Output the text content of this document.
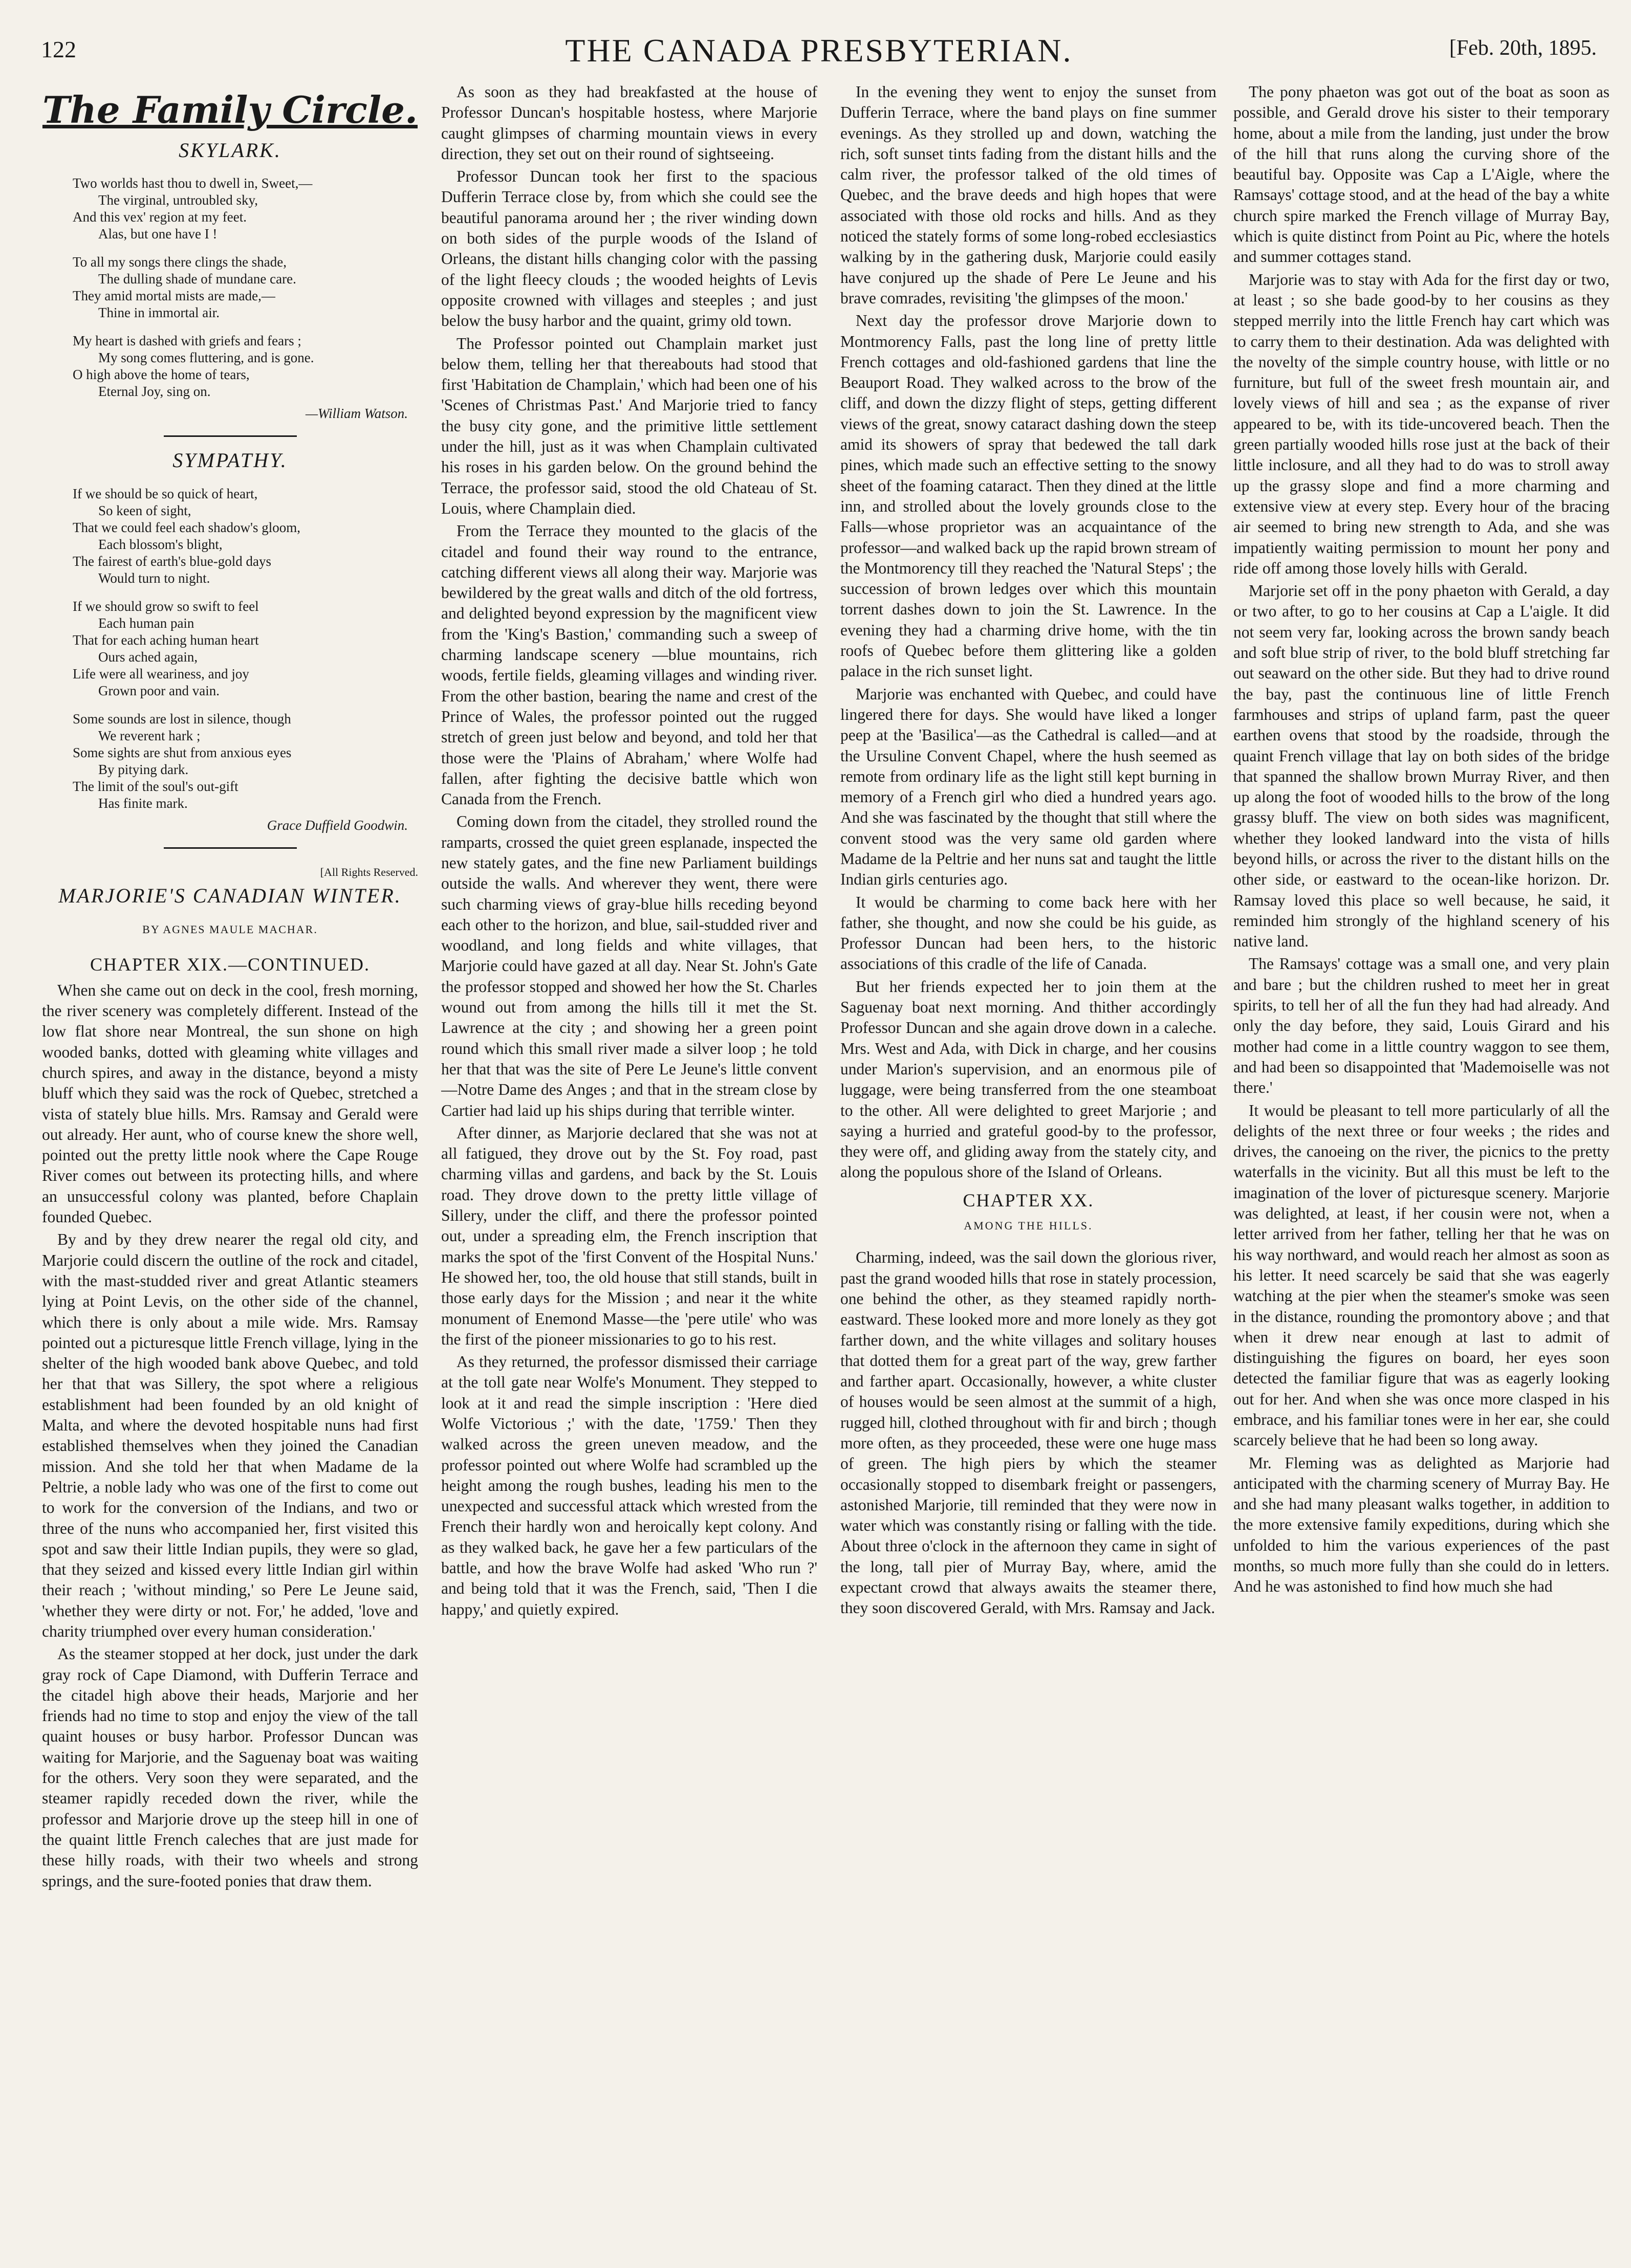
122	THE CANADA PRESBYTERIAN.	[Feb. 20th, 1895.
The Family Circle.
SKYLARK.
Two worlds hast thou to dwell in, Sweet,—
The virginal, untroubled sky,
And this vex' region at my feet.
Alas, but one have I !
To all my songs there clings the shade,
The dulling shade of mundane care.
They amid mortal mists are made,—
Thine in immortal air.
My heart is dashed with griefs and fears ;
My song comes fluttering, and is gone.
O high above the home of tears,
Eternal Joy, sing on.
—William Watson.
SYMPATHY.
If we should be so quick of heart,
So keen of sight,
That we could feel each shadow's gloom,
Each blossom's blight,
The fairest of earth's blue-gold days
Would turn to night.
If we should grow so swift to feel
Each human pain
That for each aching human heart
Ours ached again,
Life were all weariness, and joy
Grown poor and vain.
Some sounds are lost in silence, though
We reverent hark ;
Some sights are shut from anxious eyes
By pitying dark.
The limit of the soul's out-gift
Has finite mark.
Grace Duffield Goodwin.
[All Rights Reserved.
MARJORIE'S CANADIAN WINTER.
BY AGNES MAULE MACHAR.
CHAPTER XIX.—CONTINUED.

When she came out on deck in the cool, fresh morning, the river scenery was completely different. Instead of the low flat shore near Montreal, the sun shone on high wooded banks, dotted with gleaming white villages and church spires, and away in the distance, beyond a misty bluff which they said was the rock of Quebec, stretched a vista of stately blue hills. Mrs. Ramsay and Gerald were out already. Her aunt, who of course knew the shore well, pointed out the pretty little nook where the Cape Rouge River comes out between its protecting hills, and where an unsuccessful colony was planted, before Chaplain founded Quebec.

By and by they drew nearer the regal old city, and Marjorie could discern the outline of the rock and citadel, with the mast-studded river and great Atlantic steamers lying at Point Levis, on the other side of the channel, which there is only about a mile wide. Mrs. Ramsay pointed out a picturesque little French village, lying in the shelter of the high wooded bank above Quebec, and told her that that was Sillery, the spot where a religious establishment had been founded by an old knight of Malta, and where the devoted hospitable nuns had first established themselves when they joined the Canadian mission. And she told her that when Madame de la Peltrie, a noble lady who was one of the first to come out to work for the conversion of the Indians, and two or three of the nuns who accompanied her, first visited this spot and saw their little Indian pupils, they were so glad, that they seized and kissed every little Indian girl within their reach ; 'without minding,' so Pere Le Jeune said, 'whether they were dirty or not. For,' he added, 'love and charity triumphed over every human consideration.'

As the steamer stopped at her dock, just under the dark gray rock of Cape Diamond, with Dufferin Terrace and the citadel high above their heads, Marjorie and her friends had no time to stop and enjoy the view of the tall quaint houses or busy harbor. Professor Duncan was waiting for Marjorie, and the Saguenay boat was waiting for the others. Very soon they were separated, and the steamer rapidly receded down the river, while the professor and Marjorie drove up the steep hill in one of the quaint little French caleches that are just made for these hilly roads, with their two wheels and strong springs, and the sure-footed ponies that draw them.

As soon as they had breakfasted at the house of Professor Duncan's hospitable hostess, where Marjorie caught glimpses of charming mountain views in every direction, they set out on their round of sightseeing.

Professor Duncan took her first to the spacious Dufferin Terrace close by, from which she could see the beautiful panorama around her ; the river winding down on both sides of the purple woods of the Island of Orleans, the distant hills changing color with the passing of the light fleecy clouds ; the wooded heights of Levis opposite crowned with villages and steeples ; and just below the busy harbor and the quaint, grimy old town.

The Professor pointed out Champlain market just below them, telling her that thereabouts had stood that first 'Habitation de Champlain,' which had been one of his 'Scenes of Christmas Past.' And Marjorie tried to fancy the busy city gone, and the primitive little settlement under the hill, just as it was when Champlain cultivated his roses in his garden below. On the ground behind the Terrace, the professor said, stood the old Chateau of St. Louis, where Champlain died.

From the Terrace they mounted to the glacis of the citadel and found their way round to the entrance, catching different views all along their way. Marjorie was bewildered by the great walls and ditch of the old fortress, and delighted beyond expression by the magnificent view from the 'King's Bastion,' commanding such a sweep of charming landscape scenery —blue mountains, rich woods, fertile fields, gleaming villages and winding river. From the other bastion, bearing the name and crest of the Prince of Wales, the professor pointed out the rugged stretch of green just below and beyond, and told her that those were the 'Plains of Abraham,' where Wolfe had fallen, after fighting the decisive battle which won Canada from the French.

Coming down from the citadel, they strolled round the ramparts, crossed the quiet green esplanade, inspected the new stately gates, and the fine new Parliament buildings outside the walls. And wherever they went, there were such charming views of gray-blue hills receding beyond each other to the horizon, and blue, sail-studded river and woodland, and long fields and white villages, that Marjorie could have gazed at all day. Near St. John's Gate the professor stopped and showed her how the St. Charles wound out from among the hills till it met the St. Lawrence at the city ; and showing her a green point round which this small river made a silver loop ; he told her that that was the site of Pere Le Jeune's little convent—Notre Dame des Anges ; and that in the stream close by Cartier had laid up his ships during that terrible winter.

After dinner, as Marjorie declared that she was not at all fatigued, they drove out by the St. Foy road, past charming villas and gardens, and back by the St. Louis road. They drove down to the pretty little village of Sillery, under the cliff, and there the professor pointed out, under a spreading elm, the French inscription that marks the spot of the 'first Convent of the Hospital Nuns.' He showed her, too, the old house that still stands, built in those early days for the Mission ; and near it the white monument of Enemond Masse—the 'pere utile' who was the first of the pioneer missionaries to go to his rest.

As they returned, the professor dismissed their carriage at the toll gate near Wolfe's Monument. They stepped to look at it and read the simple inscription : 'Here died Wolfe Victorious ;' with the date, '1759.' Then they walked across the green uneven meadow, and the professor pointed out where Wolfe had scrambled up the height among the rough bushes, leading his men to the unexpected and successful attack which wrested from the French their hardly won and heroically kept colony. And as they walked back, he gave her a few particulars of the battle, and how the brave Wolfe had asked 'Who run ?' and being told that it was the French, said, 'Then I die happy,' and quietly expired.

In the evening they went to enjoy the sunset from Dufferin Terrace, where the band plays on fine summer evenings. As they strolled up and down, watching the rich, soft sunset tints fading from the distant hills and the calm river, the professor talked of the old times of Quebec, and the brave deeds and high hopes that were associated with those old rocks and hills. And as they noticed the stately forms of some long-robed ecclesiastics walking by in the gathering dusk, Marjorie could easily have conjured up the shade of Pere Le Jeune and his brave comrades, revisiting 'the glimpses of the moon.'

Next day the professor drove Marjorie down to Montmorency Falls, past the long line of pretty little French cottages and old-fashioned gardens that line the Beauport Road. They walked across to the brow of the cliff, and down the dizzy flight of steps, getting different views of the great, snowy cataract dashing down the steep amid its showers of spray that bedewed the tall dark pines, which made such an effective setting to the snowy sheet of the foaming cataract. Then they dined at the little inn, and strolled about the lovely grounds close to the Falls—whose proprietor was an acquaintance of the professor—and walked back up the rapid brown stream of the Montmorency till they reached the 'Natural Steps' ; the succession of brown ledges over which this mountain torrent dashes down to join the St. Lawrence. In the evening they had a charming drive home, with the tin roofs of Quebec before them glittering like a golden palace in the rich sunset light.

Marjorie was enchanted with Quebec, and could have lingered there for days. She would have liked a longer peep at the 'Basilica'—as the Cathedral is called—and at the Ursuline Convent Chapel, where the hush seemed as remote from ordinary life as the light still kept burning in memory of a French girl who died a hundred years ago. And she was fascinated by the thought that still where the convent stood was the very same old garden where Madame de la Peltrie and her nuns sat and taught the little Indian girls centuries ago.

It would be charming to come back here with her father, she thought, and now she could be his guide, as Professor Duncan had been hers, to the historic associations of this cradle of the life of Canada.

But her friends expected her to join them at the Saguenay boat next morning. And thither accordingly Professor Duncan and she again drove down in a caleche. Mrs. West and Ada, with Dick in charge, and her cousins under Marion's supervision, and an enormous pile of luggage, were being transferred from the one steamboat to the other. All were delighted to greet Marjorie ; and saying a hurried and grateful good-by to the professor, they were off, and gliding away from the stately city, and along the populous shore of the Island of Orleans.

CHAPTER XX.
AMONG THE HILLS.

Charming, indeed, was the sail down the glorious river, past the grand wooded hills that rose in stately procession, one behind the other, as they steamed rapidly north-eastward. These looked more and more lonely as they got farther down, and the white villages and solitary houses that dotted them for a great part of the way, grew farther and farther apart. Occasionally, however, a white cluster of houses would be seen almost at the summit of a high, rugged hill, clothed throughout with fir and birch ; though more often, as they proceeded, these were one huge mass of green. The high piers by which the steamer occasionally stopped to disembark freight or passengers, astonished Marjorie, till reminded that they were now in water which was constantly rising or falling with the tide. About three o'clock in the afternoon they came in sight of the long, tall pier of Murray Bay, where, amid the expectant crowd that always awaits the steamer there, they soon discovered Gerald, with Mrs. Ramsay and Jack.

The pony phaeton was got out of the boat as soon as possible, and Gerald drove his sister to their temporary home, about a mile from the landing, just under the brow of the hill that runs along the curving shore of the beautiful bay. Opposite was Cap a L'Aigle, where the Ramsays' cottage stood, and at the head of the bay a white church spire marked the French village of Murray Bay, which is quite distinct from Point au Pic, where the hotels and summer cottages stand.

Marjorie was to stay with Ada for the first day or two, at least ; so she bade good-by to her cousins as they stepped merrily into the little French hay cart which was to carry them to their destination. Ada was delighted with the novelty of the simple country house, with little or no furniture, but full of the sweet fresh mountain air, and lovely views of hill and sea ; as the expanse of river appeared to be, with its tide-uncovered beach. Then the green partially wooded hills rose just at the back of their little inclosure, and all they had to do was to stroll away up the grassy slope and find a more charming and extensive view at every step. Every hour of the bracing air seemed to bring new strength to Ada, and she was impatiently waiting permission to mount her pony and ride off among those lovely hills with Gerald.

Marjorie set off in the pony phaeton with Gerald, a day or two after, to go to her cousins at Cap a L'aigle. It did not seem very far, looking across the brown sandy beach and soft blue strip of river, to the bold bluff stretching far out seaward on the other side. But they had to drive round the bay, past the continuous line of little French farmhouses and strips of upland farm, past the queer earthen ovens that stood by the roadside, through the quaint French village that lay on both sides of the bridge that spanned the shallow brown Murray River, and then up along the foot of wooded hills to the brow of the long grassy bluff. The view on both sides was magnificent, whether they looked landward into the vista of hills beyond hills, or across the river to the distant hills on the other side, or eastward to the ocean-like horizon. Dr. Ramsay loved this place so well because, he said, it reminded him strongly of the highland scenery of his native land.

The Ramsays' cottage was a small one, and very plain and bare ; but the children rushed to meet her in great spirits, to tell her of all the fun they had had already. And only the day before, they said, Louis Girard and his mother had come in a little country waggon to see them, and had been so disappointed that 'Mademoiselle was not there.'

It would be pleasant to tell more particularly of all the delights of the next three or four weeks ; the rides and drives, the canoeing on the river, the picnics to the pretty waterfalls in the vicinity. But all this must be left to the imagination of the lover of picturesque scenery. Marjorie was delighted, at least, if her cousin were not, when a letter arrived from her father, telling her that he was on his way northward, and would reach her almost as soon as his letter. It need scarcely be said that she was eagerly watching at the pier when the steamer's smoke was seen in the distance, rounding the promontory above ; and that when it drew near enough at last to admit of distinguishing the figures on board, her eyes soon detected the familiar figure that was as eagerly looking out for her. And when she was once more clasped in his embrace, and his familiar tones were in her ear, she could scarcely believe that he had been so long away.

Mr. Fleming was as delighted as Marjorie had anticipated with the charming scenery of Murray Bay. He and she had many pleasant walks together, in addition to the more extensive family expeditions, during which she unfolded to him the various experiences of the past months, so much more fully than she could do in letters. And he was astonished to find how much she had
